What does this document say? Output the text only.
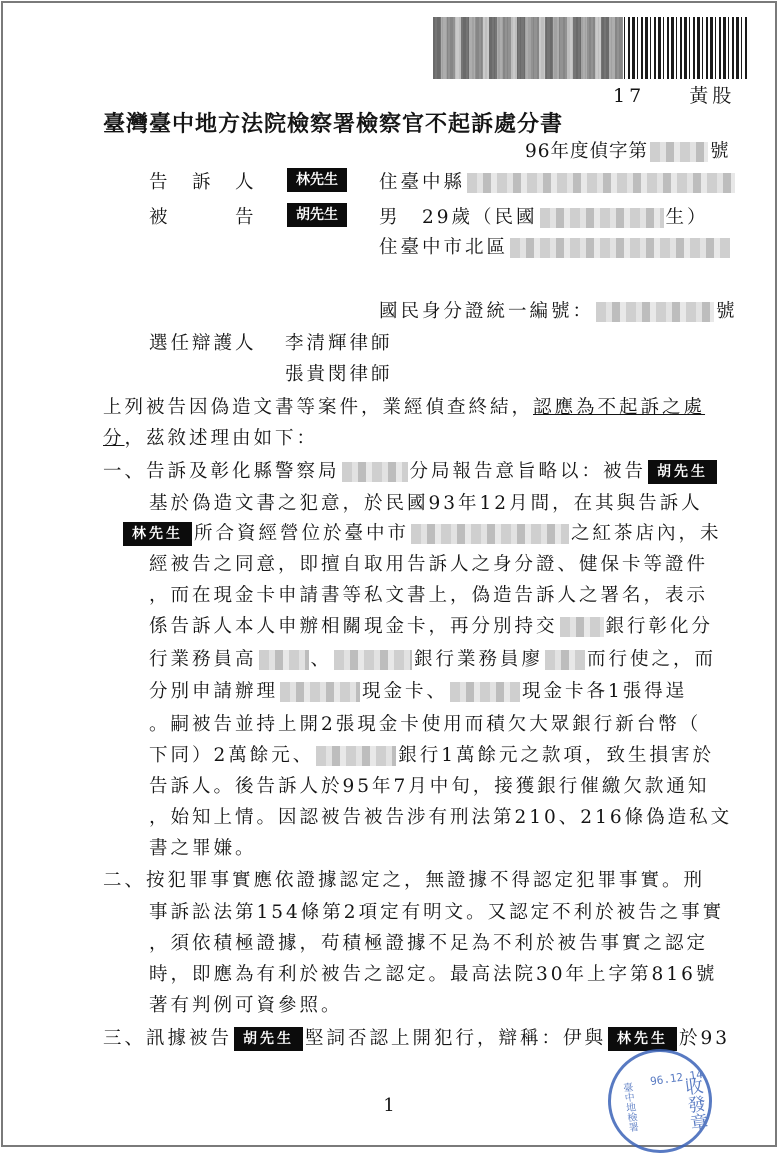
17 黃股
臺灣臺中地方法院檢察署檢察官不起訴處分書
96年度偵字第	號
告　訴　人	林先生	住臺中縣
被　　　告	胡先生	男　29歲（民國	生）
住臺中市北區
國民身分證統一編號：	號
選任辯護人 李清輝律師
張貴閔律師
上列被告因偽造文書等案件，業經偵查終結，認應為不起訴之處
分，茲敘述理由如下：
一、告訴及彰化縣警察局	分局報告意旨略以：被告 胡先生
基於偽造文書之犯意，於民國93年12月間，在其與告訴人
林先生 所合資經營位於臺中市	之紅茶店內，未
經被告之同意，即擅自取用告訴人之身分證、健保卡等證件
，而在現金卡申請書等私文書上，偽造告訴人之署名，表示
係告訴人本人申辦相關現金卡，再分別持交	銀行彰化分
行業務員高	、	銀行業務員廖 而行使之，而
分別申請辦理	現金卡、	現金卡各1張得逞
。嗣被告並持上開2張現金卡使用而積欠大眾銀行新台幣（
下同）2萬餘元、	銀行1萬餘元之款項，致生損害於
告訴人。後告訴人於95年7月中旬，接獲銀行催繳欠款通知
，始知上情。因認被告被告涉有刑法第210、216條偽造私文
書之罪嫌。
二、按犯罪事實應依證據認定之，無證據不得認定犯罪事實。刑
事訴訟法第154條第2項定有明文。又認定不利於被告之事實
，須依積極證據，苟積極證據不足為不利於被告事實之認定
時，即應為有利於被告之認定。最高法院30年上字第816號
著有判例可資參照。
三、訊據被告 胡先生 堅詞否認上開犯行，辯稱：伊與 林先生 於93
臺中地檢署
96.12.14
收發章
1
